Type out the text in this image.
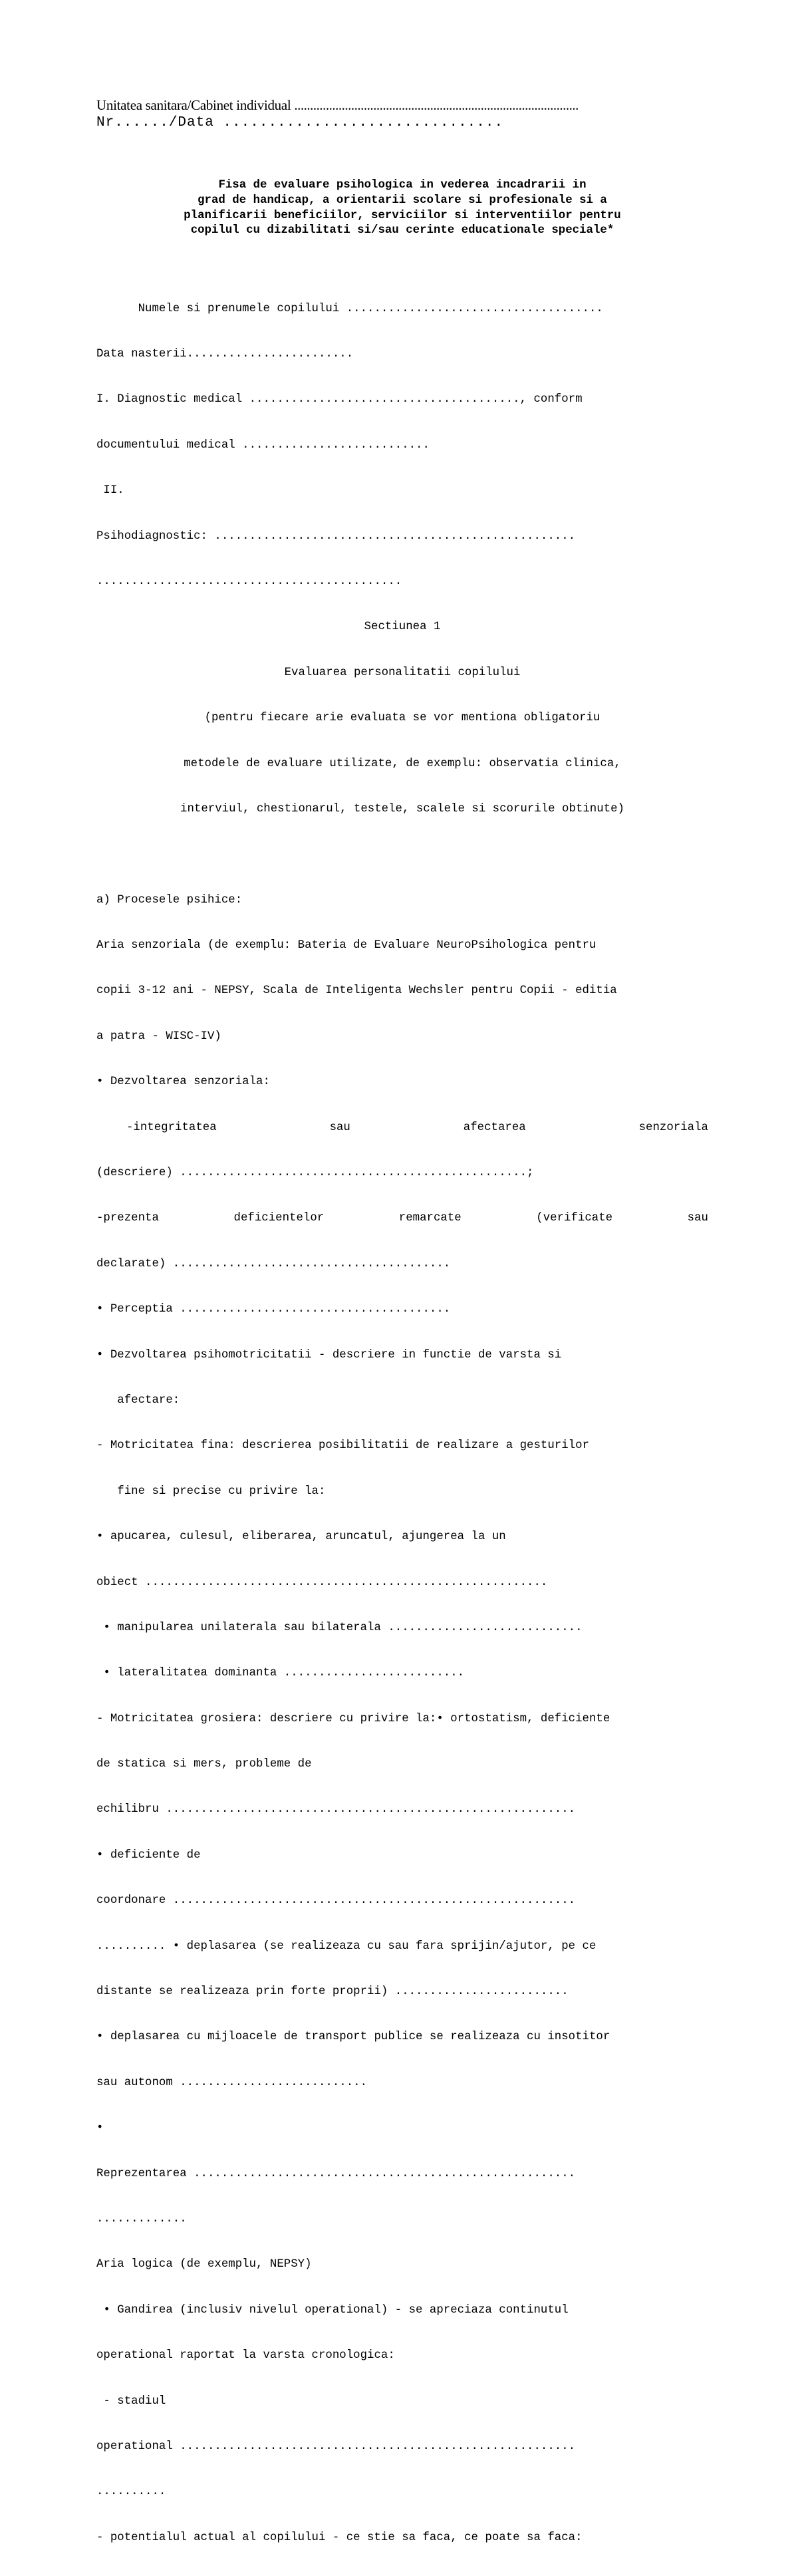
Unitatea sanitara/Cabinet individual ..........................................................................................
Nr....../Data ...............................
Fisa de evaluare psihologica in vederea incadrarii in
grad de handicap, a orientarii scolare si profesionale si a
planificarii beneficiilor, serviciilor si interventiilor pentru
copilul cu dizabilitati si/sau cerinte educationale speciale*

Numele si prenumele copilului .....................................

Data nasterii........................

I. Diagnostic medical ......................................., conform

documentului medical ...........................

II.

Psihodiagnostic: ....................................................

............................................

Sectiunea 1

Evaluarea personalitatii copilului

(pentru fiecare arie evaluata se vor mentiona obligatoriu

metodele de evaluare utilizate, de exemplu: observatia clinica,

interviul, chestionarul, testele, scalele si scorurile obtinute)

a) Procesele psihice:

Aria senzoriala (de exemplu: Bateria de Evaluare NeuroPsihologica pentru

copii 3-12 ani - NEPSY, Scala de Inteligenta Wechsler pentru Copii - editia

a patra - WISC-IV)

• Dezvoltarea senzoriala:

-integritatea	sau	afectarea	senzoriala

(descriere) ..................................................;

-prezenta	deficientelor	remarcate	(verificate	sau

declarate) ........................................

• Perceptia .......................................

• Dezvoltarea psihomotricitatii - descriere in functie de varsta si

afectare:

- Motricitatea fina: descrierea posibilitatii de realizare a gesturilor

fine si precise cu privire la:

• apucarea, culesul, eliberarea, aruncatul, ajungerea la un

obiect ..........................................................

• manipularea unilaterala sau bilaterala ............................

• lateralitatea dominanta ..........................

- Motricitatea grosiera: descriere cu privire la:• ortostatism, deficiente

de statica si mers, probleme de

echilibru ...........................................................

• deficiente de

coordonare ..........................................................

.......... • deplasarea (se realizeaza cu sau fara sprijin/ajutor, pe ce

distante se realizeaza prin forte proprii) .........................

• deplasarea cu mijloacele de transport publice se realizeaza cu insotitor

sau autonom ...........................

•

Reprezentarea .......................................................

.............

Aria logica (de exemplu, NEPSY)

• Gandirea (inclusiv nivelul operational) - se apreciaza continutul

operational raportat la varsta cronologica:

- stadiul

operational .........................................................

..........

- potentialul actual al copilului - ce stie sa faca, ce poate sa faca:
